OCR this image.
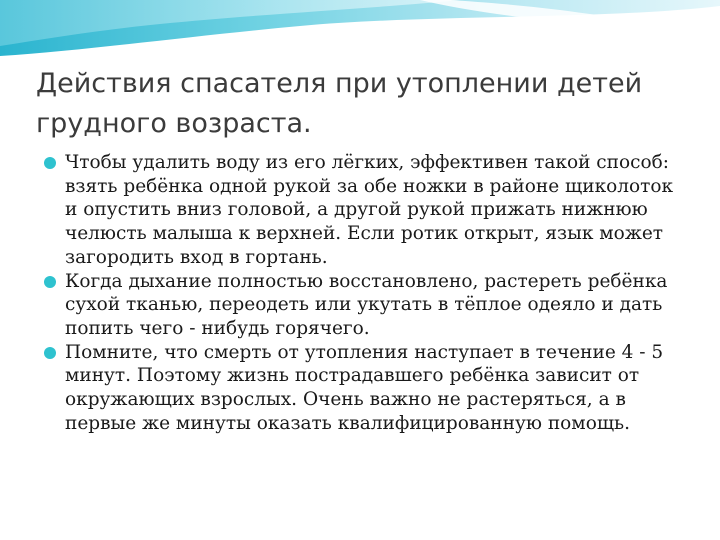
Действия спасателя при утоплении детей грудного возраста.
Чтобы удалить воду из его лёгких, эффективен такой способ: взять ребёнка одной рукой за обе ножки в районе щиколоток и опустить вниз головой, а другой рукой прижать нижнюю челюсть малыша к верхней. Если ротик открыт, язык может загородить вход в гортань.
Когда дыхание полностью восстановлено, растереть ребёнка сухой тканью, переодеть или укутать в тёплое одеяло и дать попить чего - нибудь горячего.
Помните, что смерть от утопления наступает в течение 4 - 5 минут. Поэтому жизнь пострадавшего ребёнка зависит от окружающих взрослых. Очень важно не растеряться, а в первые же минуты оказать квалифицированную помощь.
